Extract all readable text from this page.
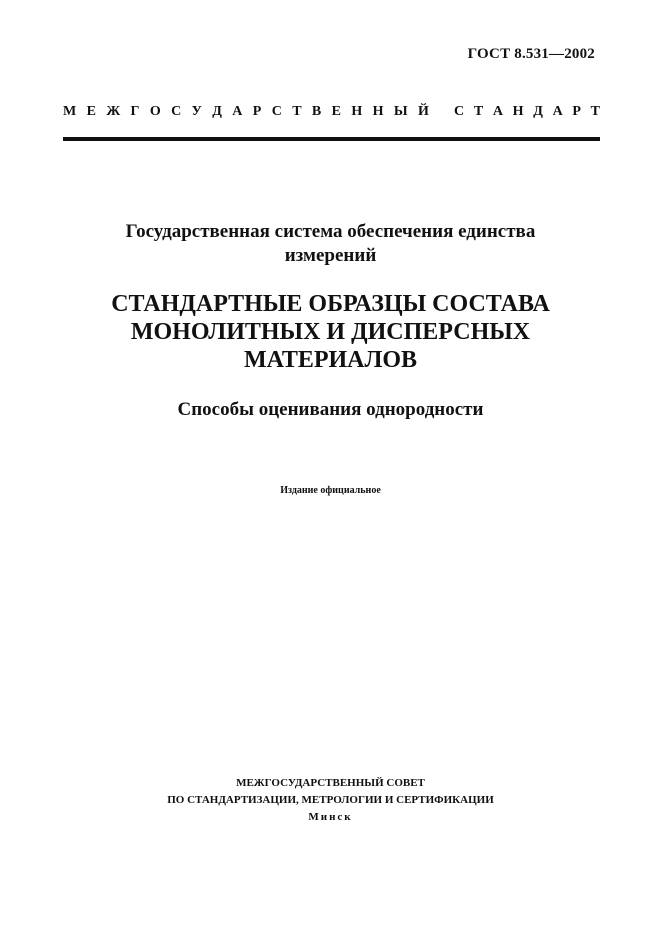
ГОСТ 8.531—2002
М Е Ж Г О С У Д А Р С Т В Е Н Н Ы Й С Т А Н Д А Р Т
Государственная система обеспечения единства
измерений
СТАНДАРТНЫЕ ОБРАЗЦЫ СОСТАВА
МОНОЛИТНЫХ И ДИСПЕРСНЫХ
МАТЕРИАЛОВ
Способы оценивания однородности
Издание официальное
МЕЖГОСУДАРСТВЕННЫЙ СОВЕТ
ПО СТАНДАРТИЗАЦИИ, МЕТРОЛОГИИ И СЕРТИФИКАЦИИ
Минск
